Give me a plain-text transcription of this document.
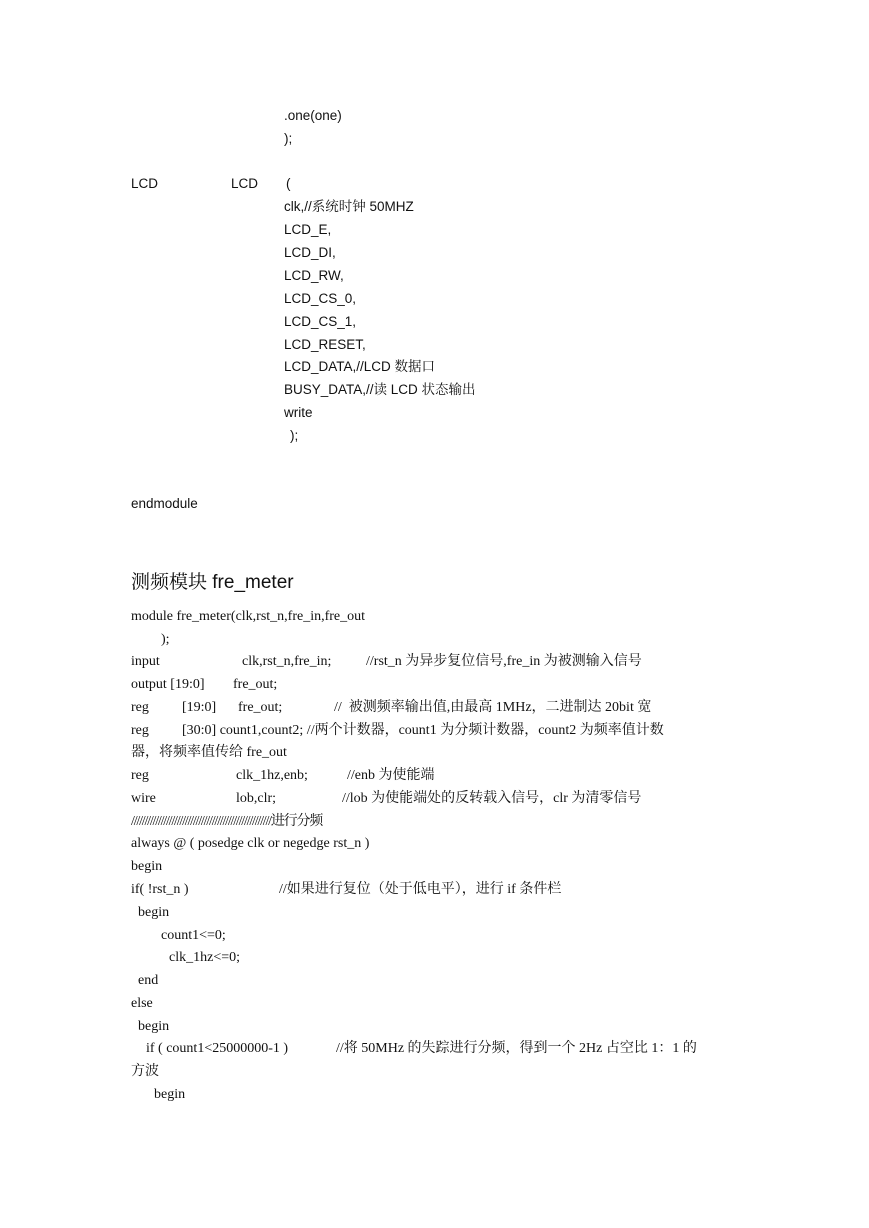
.one(one)
);
LCD	LCD (
clk,//系统时钟 50MHZ
LCD_E,
LCD_DI,
LCD_RW,
LCD_CS_0,
LCD_CS_1,
LCD_RESET,
LCD_DATA,//LCD 数据口
BUSY_DATA,//读 LCD 状态输出
write
);
endmodule
测频模块 fre_meter
module fre_meter(clk,rst_n,fre_in,fre_out
);
input	clk,rst_n,fre_in; //rst_n 为异步复位信号,fre_in 为被测输入信号
output [19:0] fre_out;
reg [19:0] fre_out;	//  被测频率输出值,由最高 1MHz，二进制达 20bit 宽
reg [30:0] count1,count2; //两个计数器，count1 为分频计数器，count2 为频率值计数
器，将频率值传给 fre_out
reg	clk_1hz,enb;	//enb 为使能端
wire	lob,clr;	//lob 为使能端处的反转载入信号，clr 为清零信号
////////////////////////////////////////////////////进行分频
always @ ( posedge clk or negedge rst_n )
begin
if( !rst_n )	//如果进行复位（处于低电平），进行 if 条件栏
begin
count1<=0;
clk_1hz<=0;
end
else
begin
if ( count1<25000000-1 )	//将 50MHz 的失踪进行分频，得到一个 2Hz 占空比 1：1 的
方波
begin
